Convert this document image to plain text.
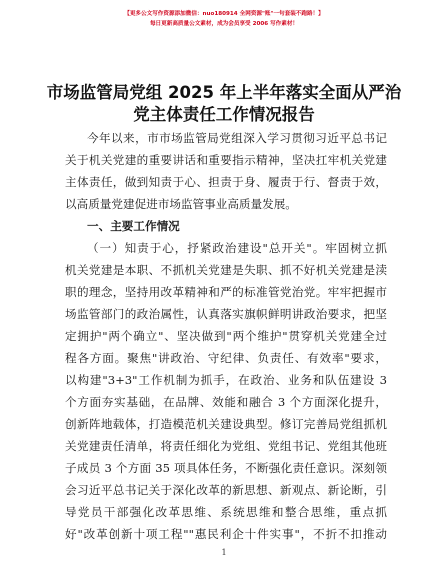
【更多公文写作资源添加微信：nuo180914 全网资源"账"一句套装不跑路！】
每日更新高质量公文素材，成为会员享受 2006 写作素材！
市场监管局党组 2025 年上半年落实全面从严治
党主体责任工作情况报告
今年以来，市市场监管局党组深入学习贯彻习近平总书记
关于机关党建的重要讲话和重要指示精神，坚决扛牢机关党建
主体责任，做到知责于心、担责于身、履责于行、督责于效，
以高质量党建促进市场监管事业高质量发展。
一、主要工作情况
（一）知责于心，抒紧政治建设"总开关"。牢固树立抓
机关党建是本职、不抓机关党建是失职、抓不好机关党建是渎
职的理念，坚持用改革精神和严的标准管党治党。牢牢把握市
场监管部门的政治属性，认真落实旗帜鲜明讲政治要求，把坚
定拥护"两个确立"、坚决做到"两个维护"贯穿机关党建全过
程各方面。聚焦"讲政治、守纪律、负责任、有效率"要求，
以构建"3+3"工作机制为抓手，在政治、业务和队伍建设 3
个方面夯实基础，在品牌、效能和融合 3 个方面深化提升，
创新阵地载体，打造模范机关建设典型。修订完善局党组抓机
关党建责任清单，将责任细化为党组、党组书记、党组其他班
子成员 3 个方面 35 项具体任务，不断强化责任意识。深刻领
会习近平总书记关于深化改革的新思想、新观点、新论断，引
导党员干部强化改革思维、系统思维和整合思维，重点抓
好"改革创新十项工程""惠民利企十件实事"，不折不扣推动
1
